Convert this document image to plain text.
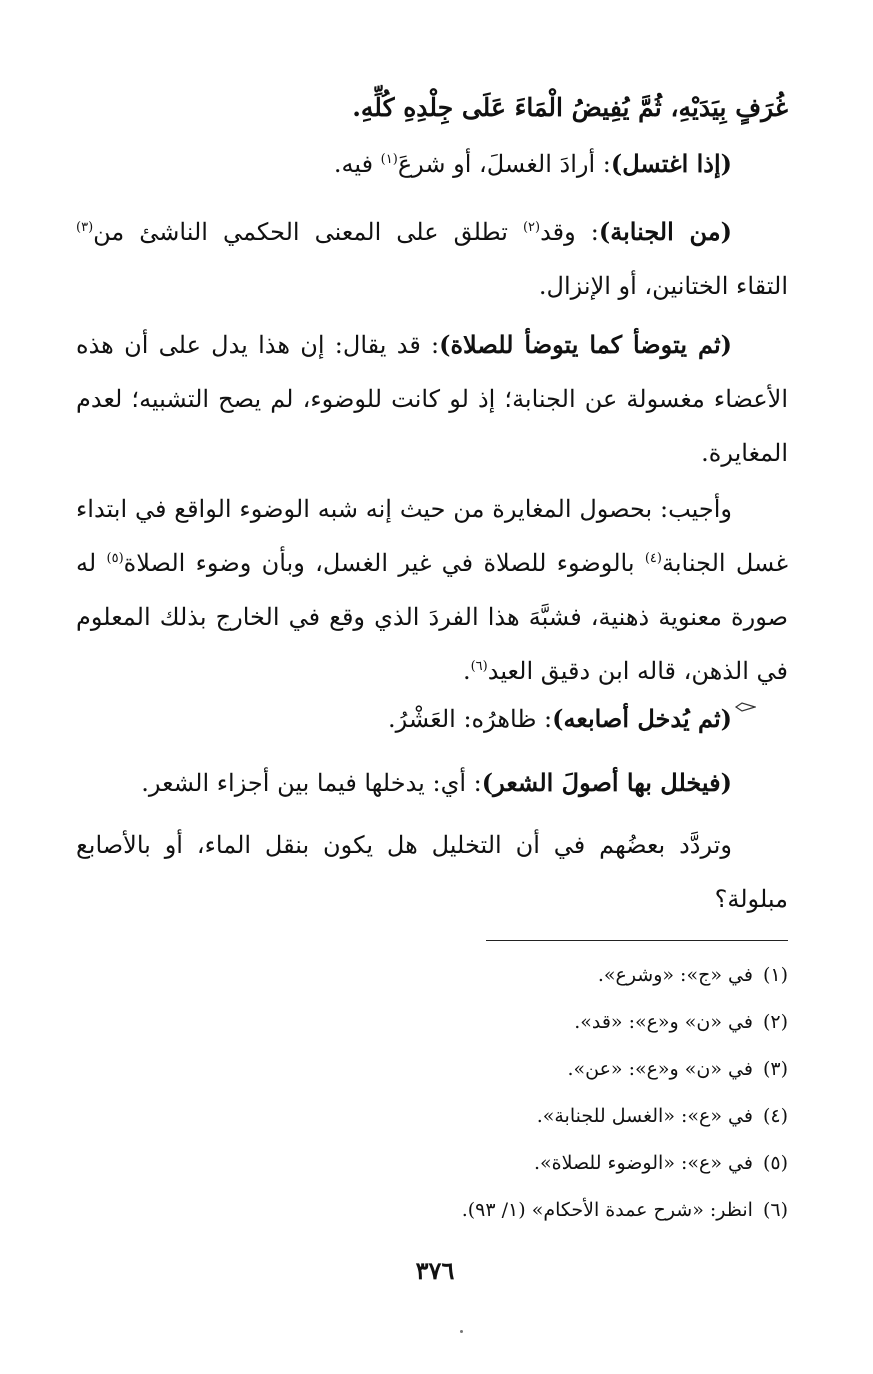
غُرَفٍ بِيَدَيْهِ، ثُمَّ يُفِيضُ الْمَاءَ عَلَى جِلْدِهِ كُلِّهِ.
(إذا اغتسل): أرادَ الغسلَ، أو شرعَ$^{(١)}$ فيه.
(من الجنابة): وقد$^{(٢)}$ تطلق على المعنى الحكمي الناشئ من$^{(٣)}$ التقاء الختانين، أو الإنزال.
(ثم يتوضأ كما يتوضأ للصلاة): قد يقال: إن هذا يدل على أن هذه الأعضاء مغسولة عن الجنابة؛ إذ لو كانت للوضوء، لم يصح التشبيه؛ لعدم المغايرة.
وأجيب: بحصول المغايرة من حيث إنه شبه الوضوء الواقع في ابتداء غسل الجنابة$^{(٤)}$ بالوضوء للصلاة في غير الغسل، وبأن وضوء الصلاة$^{(٥)}$ له صورة معنوية ذهنية، فشبَّهَ هذا الفردَ الذي وقع في الخارج بذلك المعلوم في الذهن، قاله ابن دقيق العيد$^{(٦)}$.
(ثم يُدخل أصابعه): ظاهرُه: العَشْرُ.
(فيخلل بها أصولَ الشعر): أي: يدخلها فيما بين أجزاء الشعر.
وتردَّد بعضُهم في أن التخليل هل يكون بنقل الماء، أو بالأصابع مبلولة؟
(١)في «ج»: «وشرع».
(٢)في «ن» و«ع»: «قد».
(٣)في «ن» و«ع»: «عن».
(٤)في «ع»: «الغسل للجنابة».
(٥)في «ع»: «الوضوء للصلاة».
(٦)انظر: «شرح عمدة الأحكام» (١/ ٩٣).
٣٧٦
